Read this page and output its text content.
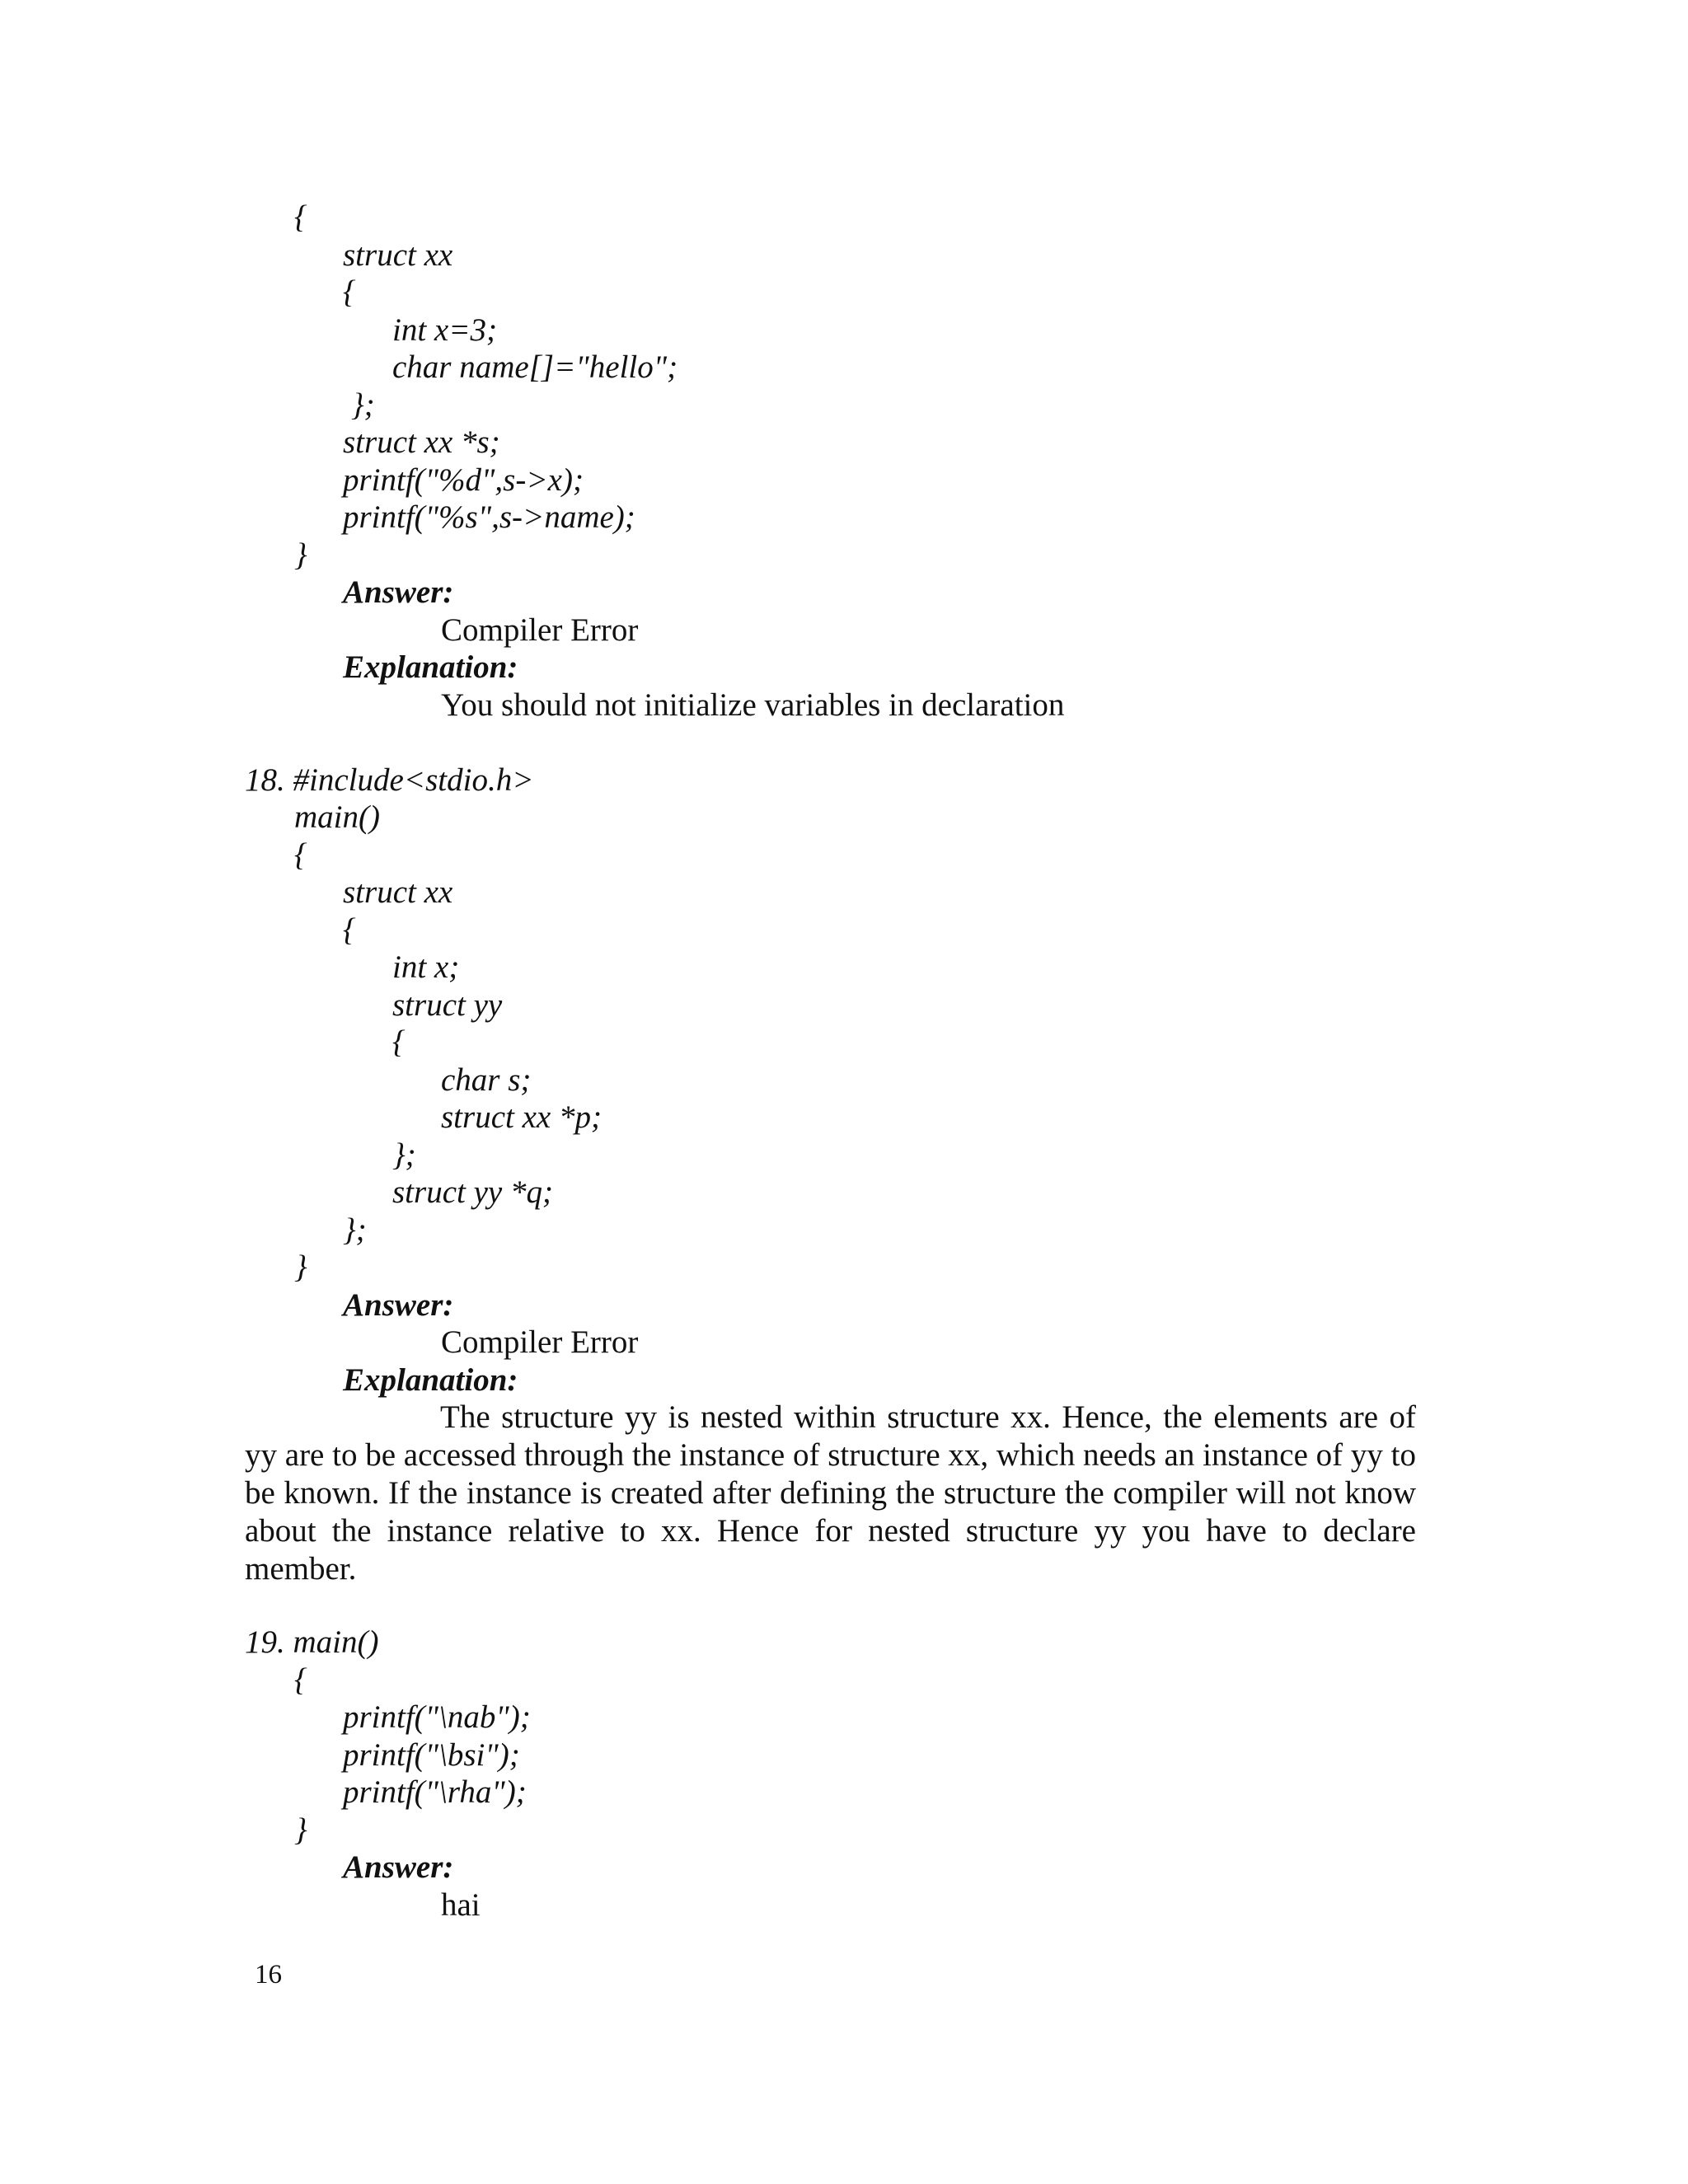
{
struct xx
{
int x=3;
char name[]="hello";
};
struct xx *s;
printf("%d",s->x);
printf("%s",s->name);
}
Answer:
Compiler Error
Explanation:
You should not initialize variables in declaration
18. #include<stdio.h>
main()
{
struct xx
{
int x;
struct yy
{
char s;
struct xx *p;
};
struct yy *q;
};
}
Answer:
Compiler Error
Explanation:
The structure yy is nested within structure xx. Hence, the elements are of yy are to be accessed through the instance of structure xx, which needs an instance of yy to be known. If the instance is created after defining the structure the compiler will not know about the instance relative to xx. Hence for nested structure yy you have to declare member.
19. main()
{
printf("\nab");
printf("\bsi");
printf("\rha");
}
Answer:
hai
16
